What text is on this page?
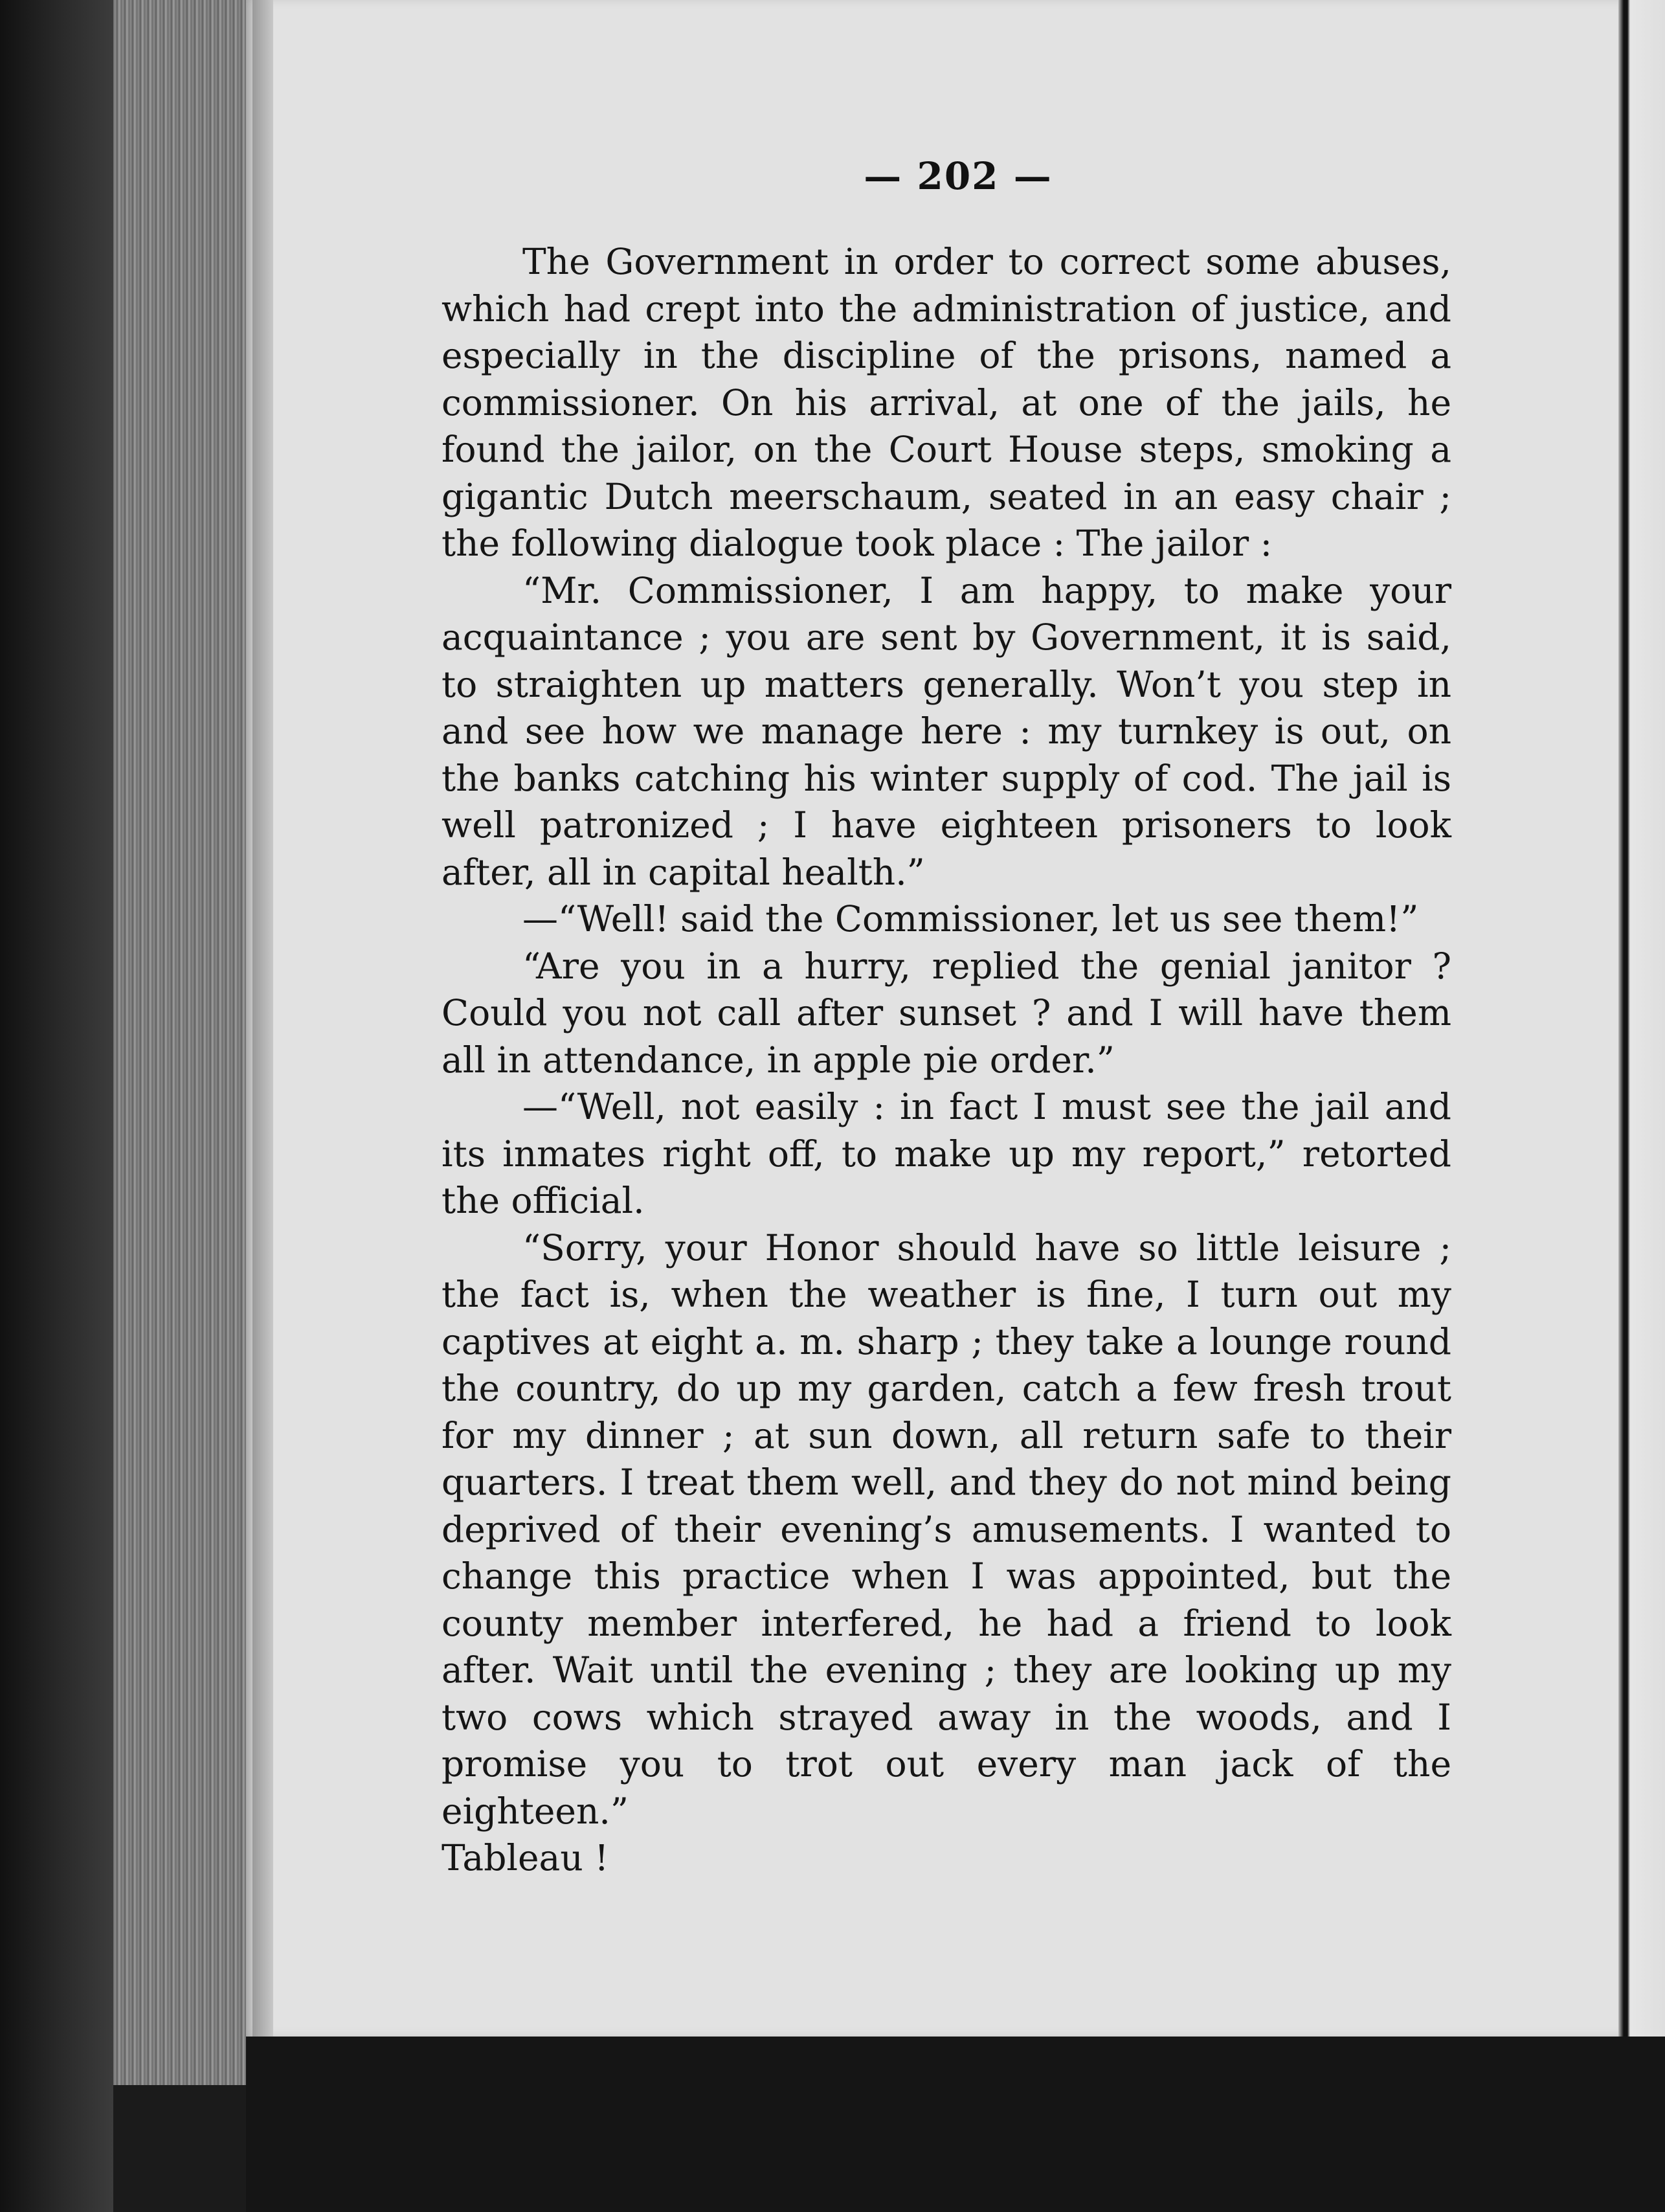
— 202 —

The Government in order to correct some abuses, which had crept into the administration of justice, and especially in the discipline of the prisons, named a commissioner. On his arrival, at one of the jails, he found the jailor, on the Court House steps, smoking a gigantic Dutch meerschaum, seated in an easy chair ; the following dialogue took place : The jailor :

“Mr. Commissioner, I am happy, to make your acquaintance ; you are sent by Government, it is said, to straighten up matters generally. Won’t you step in and see how we manage here : my turnkey is out, on the banks catching his winter supply of cod. The jail is well patronized ; I have eighteen prisoners to look after, all in capital health.”

—“Well! said the Commissioner, let us see them!”

“Are you in a hurry, replied the genial janitor ? Could you not call after sunset ? and I will have them all in attendance, in apple pie order.”

—“Well, not easily : in fact I must see the jail and its inmates right off, to make up my report,” retorted the official.

“Sorry, your Honor should have so little leisure ; the fact is, when the weather is fine, I turn out my captives at eight a. m. sharp ; they take a lounge round the country, do up my garden, catch a few fresh trout for my dinner ; at sun down, all return safe to their quarters. I treat them well, and they do not mind being deprived of their evening’s amusements. I wanted to change this practice when I was appointed, but the county member interfered, he had a friend to look after. Wait until the evening ; they are looking up my two cows which strayed away in the woods, and I promise you to trot out every man jack of the eighteen.”

Tableau !
